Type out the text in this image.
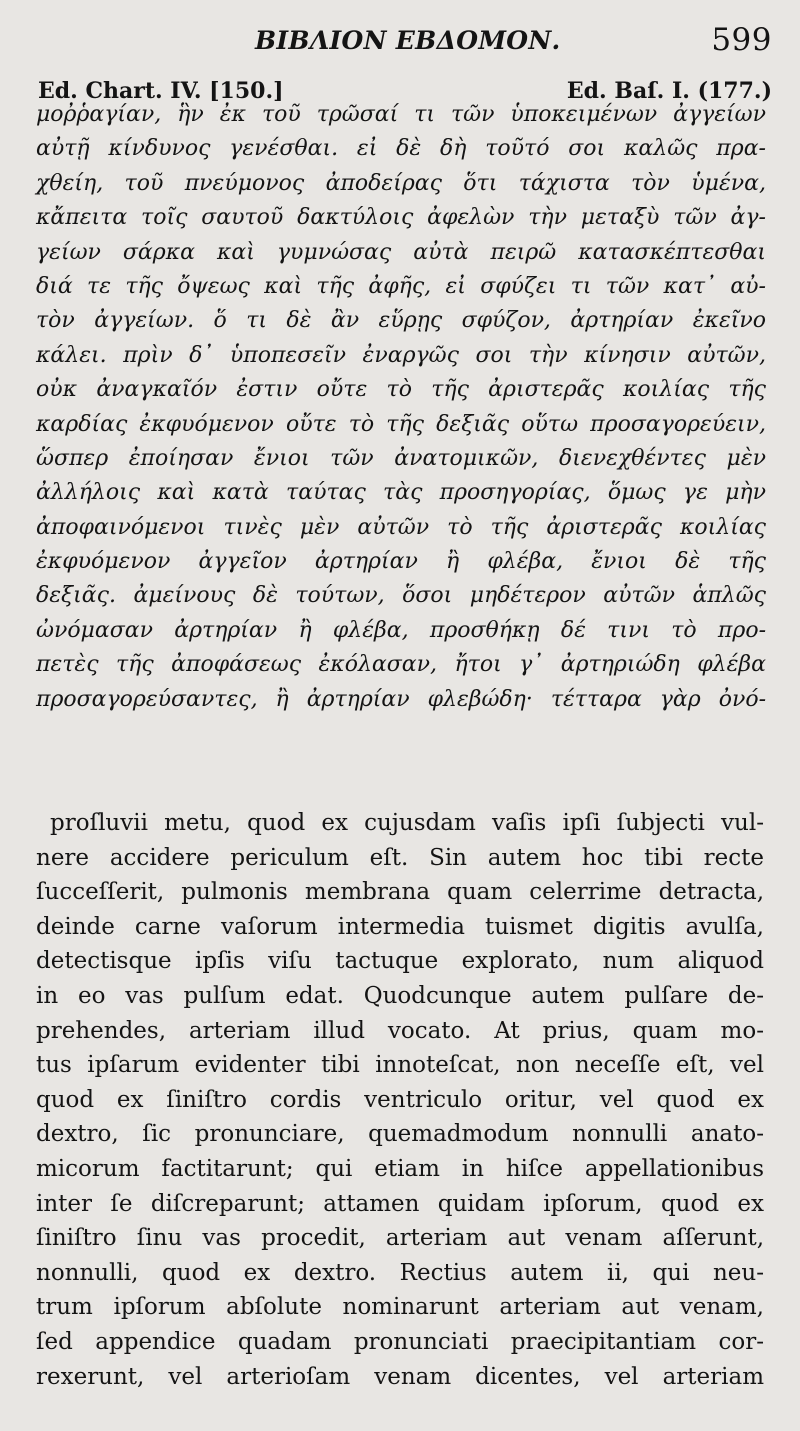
ΒΙΒΛΙΟΝ ΕΒΔΟΜΟΝ.	599
Ed. Chart. IV. [150.]	Ed. Baſ. I. (177.)
μοῤῥαγίαν, ἣν ἐκ τοῦ τρῶσαί τι τῶν ὑποκειμένων ἀγγείων
αὐτῇ κίνδυνος γενέσθαι. εἰ δὲ δὴ τοῦτό σοι καλῶς πρα-
χθείη, τοῦ πνεύμονος ἀποδείρας ὅτι τάχιστα τὸν ὑμένα,
κἄπειτα τοῖς σαυτοῦ δακτύλοις ἀφελὼν τὴν μεταξὺ τῶν ἀγ-
γείων σάρκα καὶ γυμνώσας αὐτὰ πειρῶ κατασκέπτεσθαι
διά τε τῆς ὄψεως καὶ τῆς ἀφῆς, εἰ σφύζει τι τῶν κατ᾽ αὐ-
τὸν ἀγγείων. ὅ τι δὲ ἂν εὕρῃς σφύζον, ἀρτηρίαν ἐκεῖνο
κάλει. πρὶν δ᾽ ὑποπεσεῖν ἐναργῶς σοι τὴν κίνησιν αὐτῶν,
οὐκ ἀναγκαῖόν ἐστιν οὔτε τὸ τῆς ἀριστερᾶς κοιλίας τῆς
καρδίας ἐκφυόμενον οὔτε τὸ τῆς δεξιᾶς οὕτω προσαγορεύειν,
ὥσπερ ἐποίησαν ἔνιοι τῶν ἀνατομικῶν, διενεχθέντες μὲν
ἀλλήλοις καὶ κατὰ ταύτας τὰς προσηγορίας, ὅμως γε μὴν
ἀποφαινόμενοι τινὲς μὲν αὐτῶν τὸ τῆς ἀριστερᾶς κοιλίας
ἐκφυόμενον ἀγγεῖον ἀρτηρίαν ἢ φλέβα, ἔνιοι δὲ τῆς
δεξιᾶς. ἀμείνους δὲ τούτων, ὅσοι μηδέτερον αὐτῶν ἁπλῶς
ὠνόμασαν ἀρτηρίαν ἢ φλέβα, προσθήκῃ δέ τινι τὸ προ-
πετὲς τῆς ἀποφάσεως ἐκόλασαν, ἤτοι γ᾽ ἀρτηριώδη φλέβα
προσαγορεύσαντες, ἢ ἀρτηρίαν φλεβώδη· τέτταρα γὰρ ὀνό-
proſluvii metu, quod ex cujusdam vaſis ipſi ſubjecti vul-
nere accidere periculum eſt. Sin autem hoc tibi recte
ſucceſſerit, pulmonis membrana quam celerrime detracta,
deinde carne vaſorum intermedia tuismet digitis avulſa,
detectisque ipſis viſu tactuque explorato, num aliquod
in eo vas pulſum edat. Quodcunque autem pulſare de-
prehendes, arteriam illud vocato. At prius, quam mo-
tus ipſarum evidenter tibi innoteſcat, non neceſſe eſt, vel
quod ex ſiniſtro cordis ventriculo oritur, vel quod ex
dextro, ſic pronunciare, quemadmodum nonnulli anato-
micorum factitarunt; qui etiam in hiſce appellationibus
inter ſe diſcreparunt; attamen quidam ipſorum, quod ex
ſiniſtro ſinu vas procedit, arteriam aut venam aſſerunt,
nonnulli, quod ex dextro. Rectius autem ii, qui neu-
trum ipſorum abſolute nominarunt arteriam aut venam,
ſed appendice quadam pronunciati praecipitantiam cor-
rexerunt, vel arterioſam venam dicentes, vel arteriam
